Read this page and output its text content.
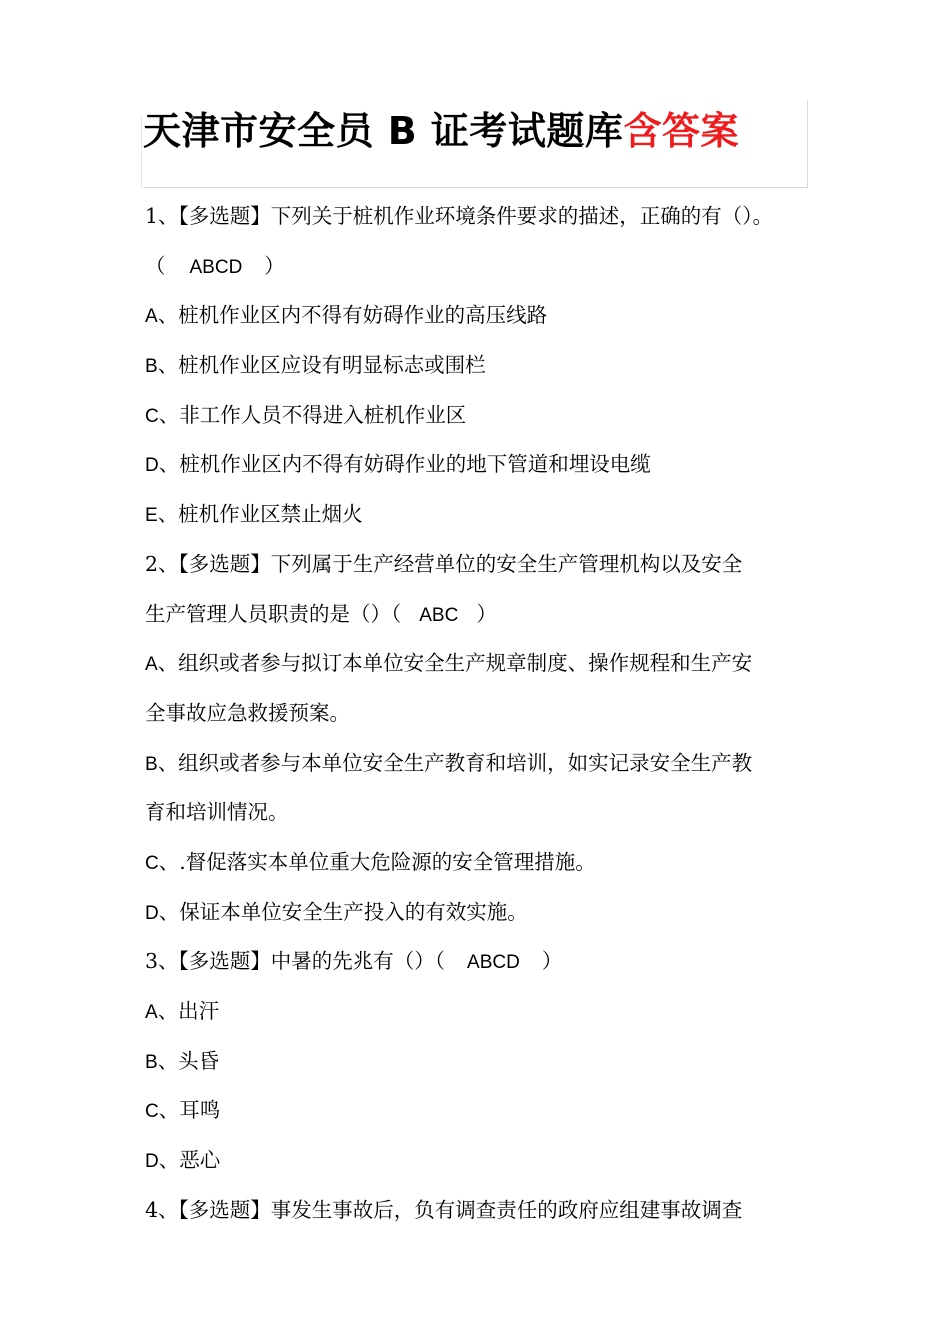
天津市安全员 B 证考试题库含答案
1、【多选题】下列关于桩机作业环境条件要求的描述，正确的有（）。
（ ABCD ）
A、桩机作业区内不得有妨碍作业的高压线路
B、桩机作业区应设有明显标志或围栏
C、非工作人员不得进入桩机作业区
D、桩机作业区内不得有妨碍作业的地下管道和埋设电缆
E、桩机作业区禁止烟火
2、【多选题】下列属于生产经营单位的安全生产管理机构以及安全
生产管理人员职责的是（）（ ABC ）
A、组织或者参与拟订本单位安全生产规章制度、操作规程和生产安
全事故应急救援预案。
B、组织或者参与本单位安全生产教育和培训，如实记录安全生产教
育和培训情况。
C、.督促落实本单位重大危险源的安全管理措施。
D、保证本单位安全生产投入的有效实施。
3、【多选题】中暑的先兆有（）（ ABCD ）
A、出汗
B、头昏
C、耳鸣
D、恶心
4、【多选题】事发生事故后，负有调查责任的政府应组建事故调查
